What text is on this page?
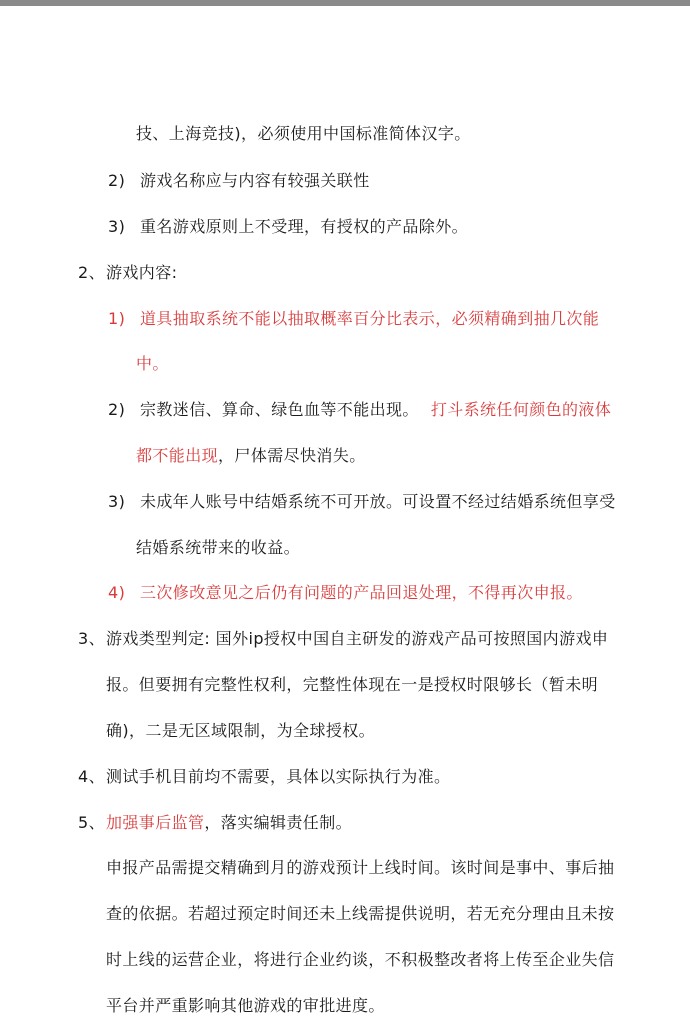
技、上海竞技)，必须使用中国标准简体汉字。
2) 游戏名称应与内容有较强关联性
3) 重名游戏原则上不受理，有授权的产品除外。
2、游戏内容:
1) 道具抽取系统不能以抽取概率百分比表示，必须精确到抽几次能
中。
2) 宗教迷信、算命、绿色血等不能出现。 打斗系统任何颜色的液体
都不能出现，尸体需尽快消失。
3) 未成年人账号中结婚系统不可开放。可设置不经过结婚系统但享受
结婚系统带来的收益。
4) 三次修改意见之后仍有问题的产品回退处理，不得再次申报。
3、游戏类型判定: 国外ip授权中国自主研发的游戏产品可按照国内游戏申
报。但要拥有完整性权利，完整性体现在一是授权时限够长（暂未明
确)，二是无区域限制，为全球授权。
4、测试手机目前均不需要，具体以实际执行为准。
5、加强事后监管，落实编辑责任制。
申报产品需提交精确到月的游戏预计上线时间。该时间是事中、事后抽
查的依据。若超过预定时间还未上线需提供说明，若无充分理由且未按
时上线的运营企业，将进行企业约谈，不积极整改者将上传至企业失信
平台并严重影响其他游戏的审批进度。
